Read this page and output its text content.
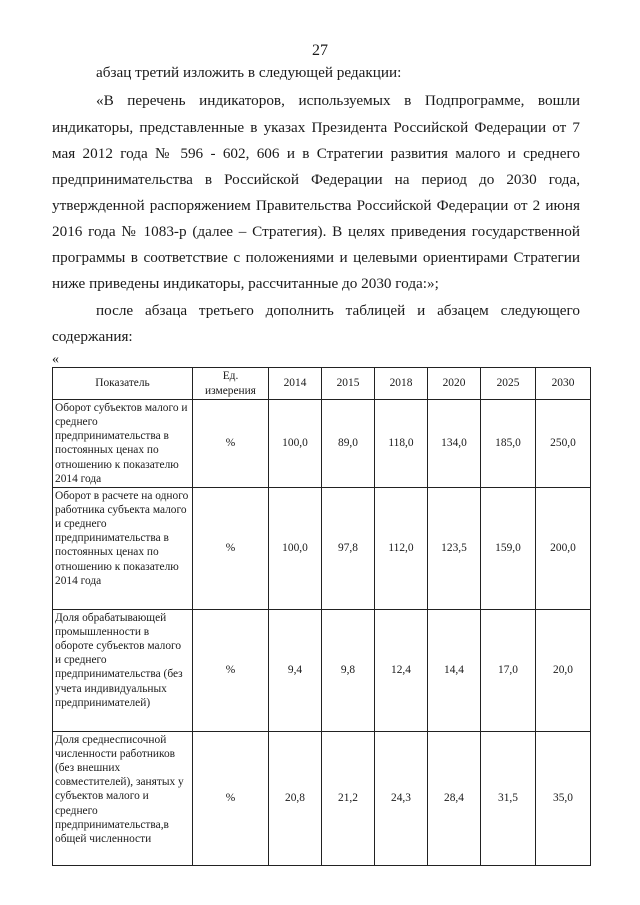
27
абзац третий изложить в следующей редакции:
«В перечень индикаторов, используемых в Подпрограмме, вошли
индикаторы, представленные в указах Президента Российской Федерации от 7
мая 2012 года № 596 - 602, 606 и в Стратегии развития малого и среднего
предпринимательства в Российской Федерации на период до 2030 года,
утвержденной распоряжением Правительства Российской Федерации от 2 июня
2016 года № 1083-р (далее – Стратегия). В целях приведения государственной
программы в соответствие с положениями и целевыми ориентирами Стратегии
ниже приведены индикаторы, рассчитанные до 2030 года:»;
после абзаца третьего дополнить таблицей и абзацем следующего
содержания:
«
Показатель	Ед. измерения	2014	2015	2018	2020	2025	2030
Оборот субъектов малого и среднего предпринимательства в постоянных ценах по отношению к показателю 2014 года	%	100,0	89,0	118,0	134,0	185,0	250,0
Оборот в расчете на одного работника субъекта малого и среднего предпринимательства в постоянных ценах по отношению к показателю 2014 года	%	100,0	97,8	112,0	123,5	159,0	200,0
Доля обрабатывающей промышленности в обороте субъектов малого и среднего предпринимательства (без учета индивидуальных предпринимателей)	%	9,4	9,8	12,4	14,4	17,0	20,0
Доля среднесписочной численности работников (без внешних совместителей), занятых у субъектов малого и среднего предпринимательства,в общей численности	%	20,8	21,2	24,3	28,4	31,5	35,0
